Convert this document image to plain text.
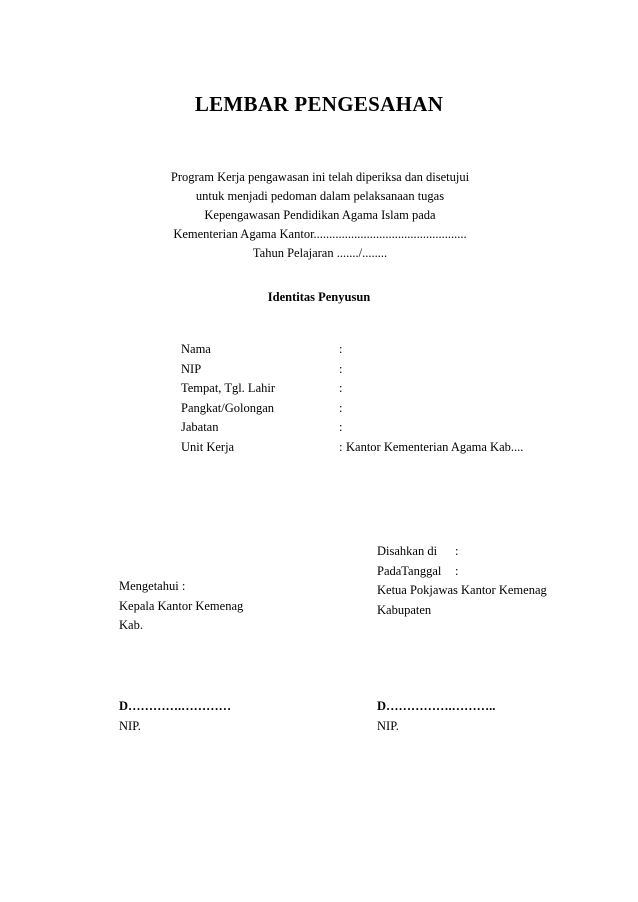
LEMBAR PENGESAHAN
Program Kerja pengawasan ini telah diperiksa dan disetujui
untuk menjadi pedoman dalam pelaksanaan tugas
Kepengawasan Pendidikan Agama Islam pada
Kementerian Agama Kantor.................................................
Tahun Pelajaran ......./........
Identitas Penyusun
Nama	:
NIP	:
Tempat, Tgl. Lahir	:
Pangkat/Golongan	:
Jabatan	:
Unit Kerja	: Kantor Kementerian Agama Kab....
Disahkan di :
PadaTanggal :
Ketua Pokjawas Kantor Kemenag
Kabupaten
Mengetahui :
Kepala Kantor Kemenag
Kab.
D………….…………
NIP.
D…………….………..
NIP.
